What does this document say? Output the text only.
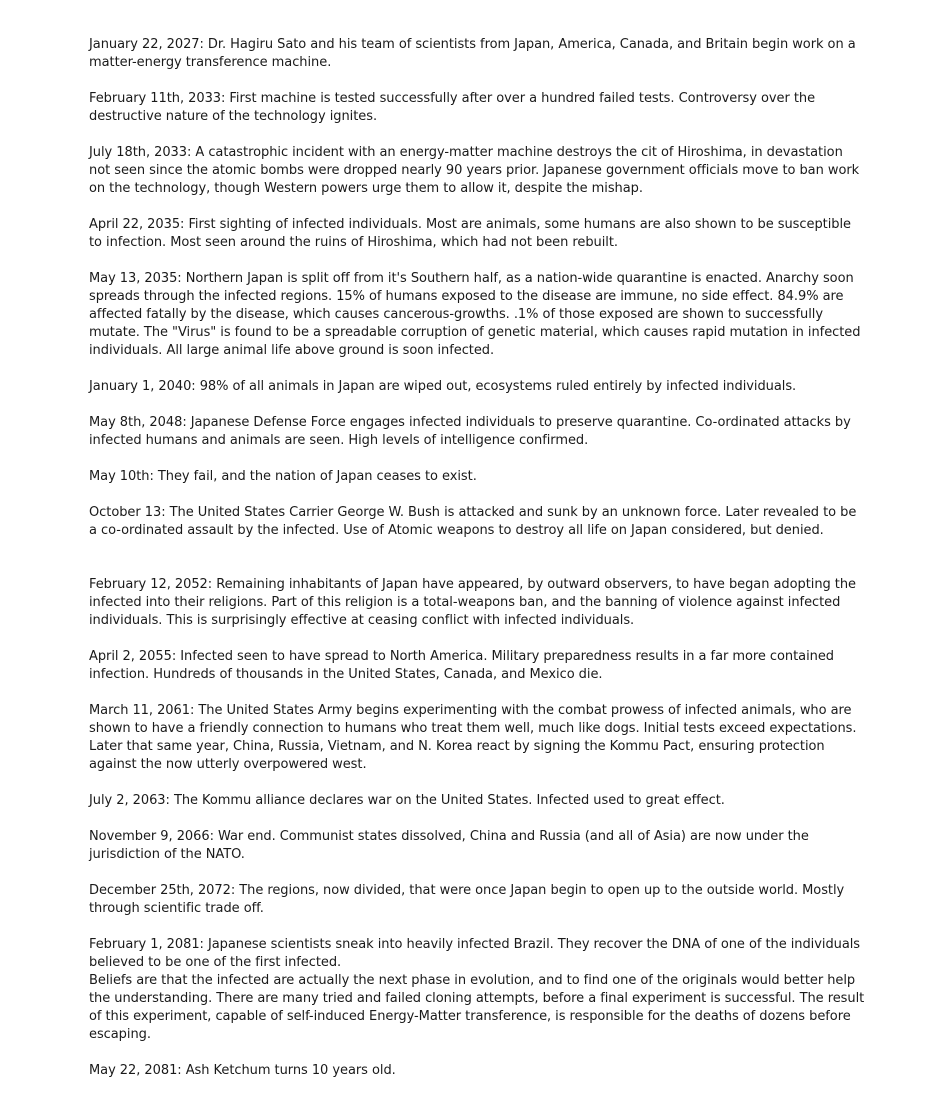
January 22, 2027: Dr. Hagiru Sato and his team of scientists from Japan, America, Canada, and Britain begin work on a matter-energy transference machine.

February 11th, 2033: First machine is tested successfully after over a hundred failed tests. Controversy over the destructive nature of the technology ignites.

July 18th, 2033: A catastrophic incident with an energy-matter machine destroys the cit of Hiroshima, in devastation not seen since the atomic bombs were dropped nearly 90 years prior. Japanese government officials move to ban work on the technology, though Western powers urge them to allow it, despite the mishap.

April 22, 2035: First sighting of infected individuals. Most are animals, some humans are also shown to be susceptible to infection. Most seen around the ruins of Hiroshima, which had not been rebuilt.

May 13, 2035: Northern Japan is split off from it's Southern half, as a nation-wide quarantine is enacted. Anarchy soon spreads through the infected regions. 15% of humans exposed to the disease are immune, no side effect. 84.9% are affected fatally by the disease, which causes cancerous-growths. .1% of those exposed are shown to successfully mutate. The "Virus" is found to be a spreadable corruption of genetic material, which causes rapid mutation in infected individuals. All large animal life above ground is soon infected.

January 1, 2040: 98% of all animals in Japan are wiped out, ecosystems ruled entirely by infected individuals.

May 8th, 2048: Japanese Defense Force engages infected individuals to preserve quarantine. Co-ordinated attacks by infected humans and animals are seen. High levels of intelligence confirmed.

May 10th: They fail, and the nation of Japan ceases to exist.

October 13: The United States Carrier George W. Bush is attacked and sunk by an unknown force. Later revealed to be a co-ordinated assault by the infected. Use of Atomic weapons to destroy all life on Japan considered, but denied.

February 12, 2052: Remaining inhabitants of Japan have appeared, by outward observers, to have began adopting the infected into their religions. Part of this religion is a total-weapons ban, and the banning of violence against infected individuals. This is surprisingly effective at ceasing conflict with infected individuals.

April 2, 2055: Infected seen to have spread to North America. Military preparedness results in a far more contained infection. Hundreds of thousands in the United States, Canada, and Mexico die.

March 11, 2061: The United States Army begins experimenting with the combat prowess of infected animals, who are shown to have a friendly connection to humans who treat them well, much like dogs. Initial tests exceed expectations. Later that same year, China, Russia, Vietnam, and N. Korea react by signing the Kommu Pact, ensuring protection against the now utterly overpowered west.

July 2, 2063: The Kommu alliance declares war on the United States. Infected used to great effect.

November 9, 2066: War end. Communist states dissolved, China and Russia (and all of Asia) are now under the jurisdiction of the NATO.

December 25th, 2072: The regions, now divided, that were once Japan begin to open up to the outside world. Mostly through scientific trade off.

February 1, 2081: Japanese scientists sneak into heavily infected Brazil. They recover the DNA of one of the individuals believed to be one of the first infected.
Beliefs are that the infected are actually the next phase in evolution, and to find one of the originals would better help the understanding. There are many tried and failed cloning attempts, before a final experiment is successful. The result of this experiment, capable of self-induced Energy-Matter transference, is responsible for the deaths of dozens before escaping.

May 22, 2081: Ash Ketchum turns 10 years old.
